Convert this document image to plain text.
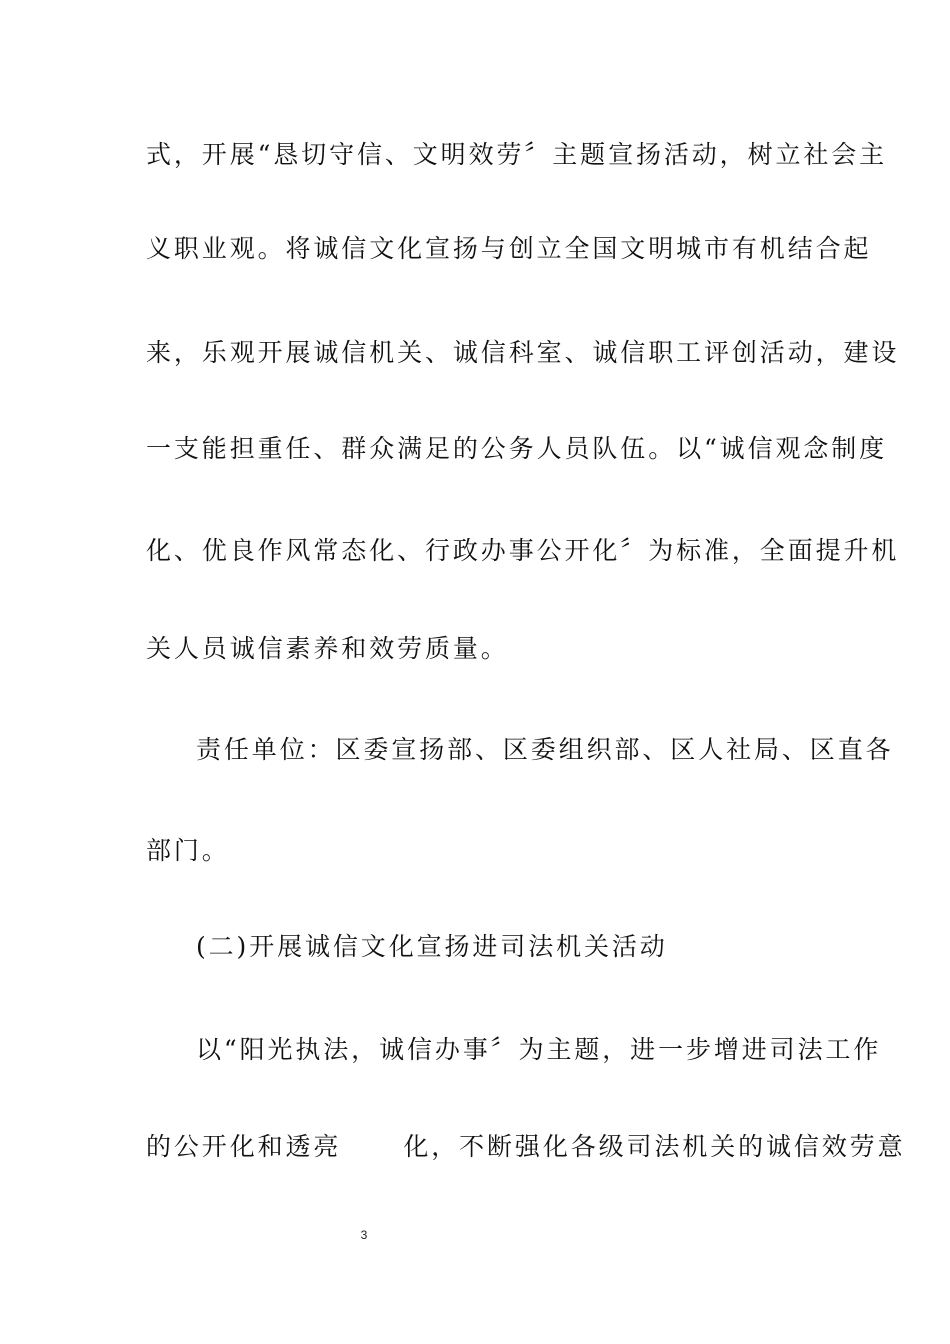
式，开展“恳切守信、文明效劳〞主题宣扬活动，树立社会主
义职业观。将诚信文化宣扬与创立全国文明城市有机结合起
来，乐观开展诚信机关、诚信科室、诚信职工评创活动，建设
一支能担重任、群众满足的公务人员队伍。以“诚信观念制度
化、优良作风常态化、行政办事公开化〞为标准，全面提升机
关人员诚信素养和效劳质量。
责任单位：区委宣扬部、区委组织部、区人社局、区直各
部门。
(二)开展诚信文化宣扬进司法机关活动
以“阳光执法，诚信办事〞为主题，进一步增进司法工作
的公开化和透亮 化，不断强化各级司法机关的诚信效劳意
3
